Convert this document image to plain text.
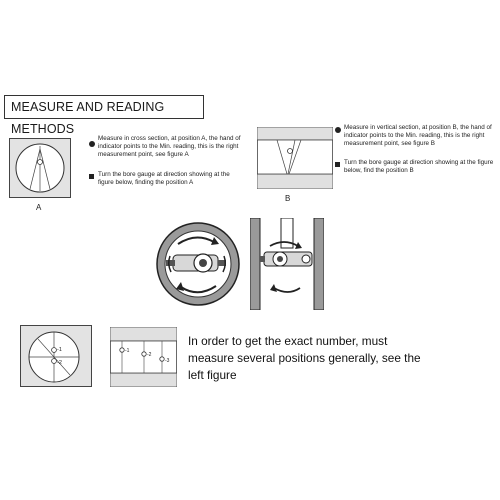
MEASURE AND READING METHODS
A
Measure in cross section, at position A, the hand of indicator points to the Min. reading, this is the right measurement point, see figure A
Turn the bore gauge at direction showing at the figure below, finding the position A
B
Measure in vertical section, at position B, the hand of indicator points to the Min. reading, this is the right measurement point, see figure B
Turn the bore gauge at direction showing at the figure below, find the position B
-1
-2
-1
-2
-3
In order to get the exact number, must measure several positions generally, see the left figure
